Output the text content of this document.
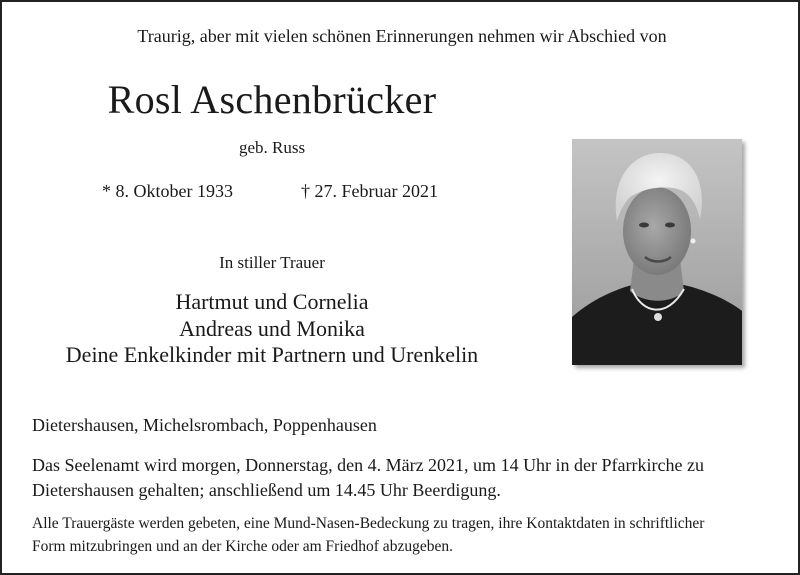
Traurig, aber mit vielen schönen Erinnerungen nehmen wir Abschied von
Rosl Aschenbrücker
geb. Russ
* 8. Oktober 1933	† 27. Februar 2021
In stiller Trauer
Hartmut und Cornelia
Andreas und Monika
Deine Enkelkinder mit Partnern und Urenkelin
Dietershausen, Michelsrombach, Poppenhausen
Das Seelenamt wird morgen, Donnerstag, den 4. März 2021, um 14 Uhr in der Pfarrkirche zu
Dietershausen gehalten; anschließend um 14.45 Uhr Beerdigung.
Alle Trauergäste werden gebeten, eine Mund-Nasen-Bedeckung zu tragen, ihre Kontaktdaten in schriftlicher
Form mitzubringen und an der Kirche oder am Friedhof abzugeben.
